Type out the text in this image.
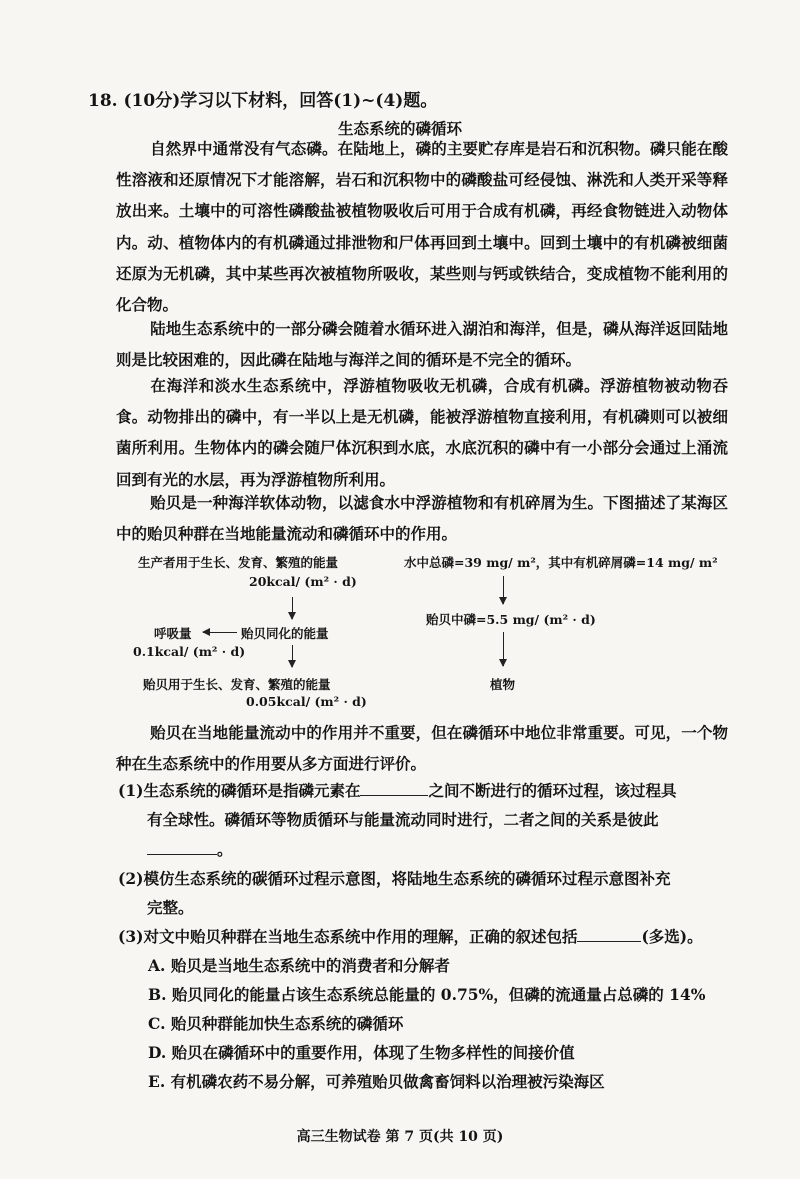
18. (10分)学习以下材料，回答(1)~(4)题。
生态系统的磷循环
自然界中通常没有气态磷。在陆地上，磷的主要贮存库是岩石和沉积物。磷只能在酸性溶液和还原情况下才能溶解，岩石和沉积物中的磷酸盐可经侵蚀、淋洗和人类开采等释放出来。土壤中的可溶性磷酸盐被植物吸收后可用于合成有机磷，再经食物链进入动物体内。动、植物体内的有机磷通过排泄物和尸体再回到土壤中。回到土壤中的有机磷被细菌还原为无机磷，其中某些再次被植物所吸收，某些则与钙或铁结合，变成植物不能利用的化合物。
陆地生态系统中的一部分磷会随着水循环进入湖泊和海洋，但是，磷从海洋返回陆地则是比较困难的，因此磷在陆地与海洋之间的循环是不完全的循环。
在海洋和淡水生态系统中，浮游植物吸收无机磷，合成有机磷。浮游植物被动物吞食。动物排出的磷中，有一半以上是无机磷，能被浮游植物直接利用，有机磷则可以被细菌所利用。生物体内的磷会随尸体沉积到水底，水底沉积的磷中有一小部分会通过上涌流回到有光的水层，再为浮游植物所利用。
贻贝是一种海洋软体动物，以滤食水中浮游植物和有机碎屑为生。下图描述了某海区中的贻贝种群在当地能量流动和磷循环中的作用。
生产者用于生长、发育、繁殖的能量
20kcal/ (m² · d)
呼吸量	贻贝同化的能量
0.1kcal/ (m² · d)
贻贝用于生长、发育、繁殖的能量
0.05kcal/ (m² · d)
水中总磷=39 mg/ m²，其中有机碎屑磷=14 mg/ m²
贻贝中磷=5.5 mg/ (m² · d)
植物
贻贝在当地能量流动中的作用并不重要，但在磷循环中地位非常重要。可见，一个物种在生态系统中的作用要从多方面进行评价。
(1)生态系统的磷循环是指磷元素在	之间不断进行的循环过程，该过程具
有全球性。磷循环等物质循环与能量流动同时进行，二者之间的关系是彼此
。
(2)模仿生态系统的碳循环过程示意图，将陆地生态系统的磷循环过程示意图补充
完整。
(3)对文中贻贝种群在当地生态系统中作用的理解，正确的叙述包括	(多选)。
A. 贻贝是当地生态系统中的消费者和分解者
B. 贻贝同化的能量占该生态系统总能量的 0.75%，但磷的流通量占总磷的 14%
C. 贻贝种群能加快生态系统的磷循环
D. 贻贝在磷循环中的重要作用，体现了生物多样性的间接价值
E. 有机磷农药不易分解，可养殖贻贝做禽畜饲料以治理被污染海区
高三生物试卷 第 7 页(共 10 页)
